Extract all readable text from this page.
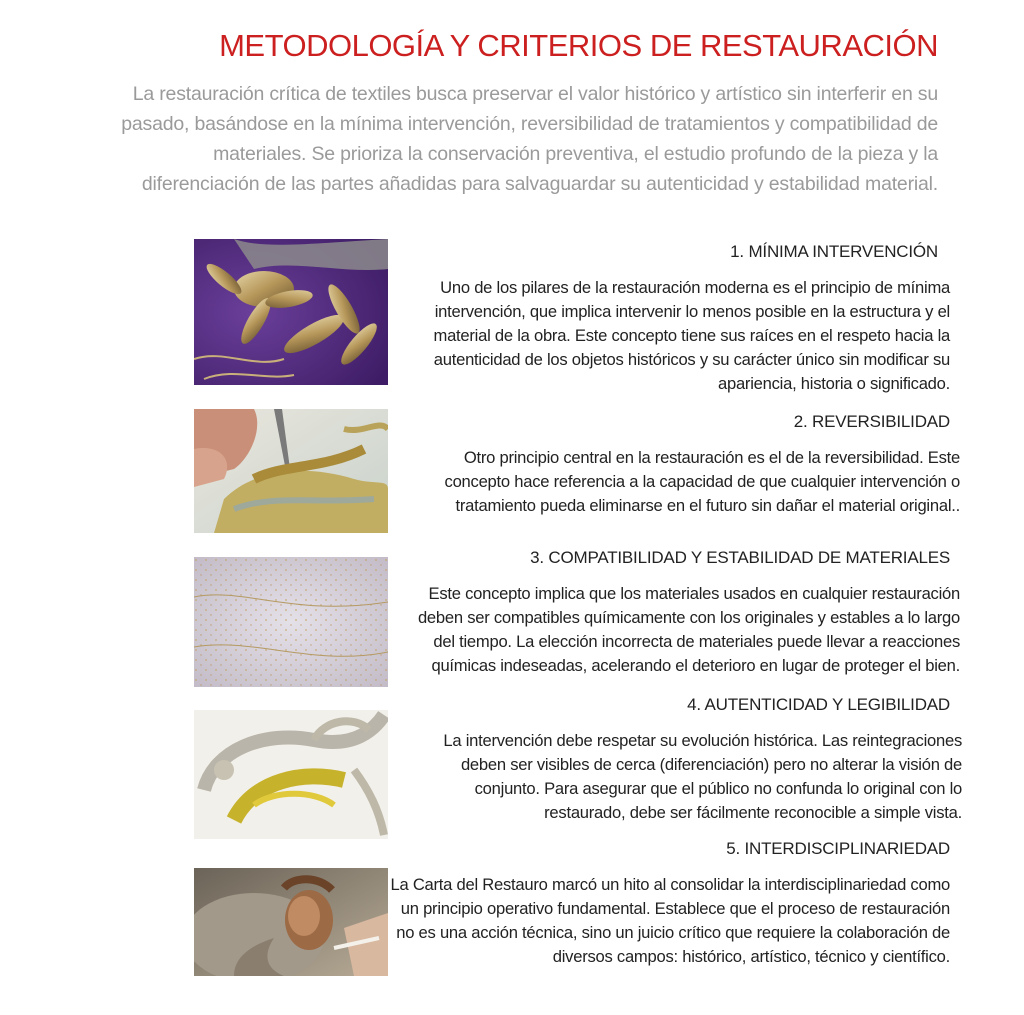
METODOLOGÍA Y CRITERIOS DE RESTAURACIÓN

La restauración crítica de textiles busca preservar el valor histórico y artístico sin interferir en su pasado, basándose en la mínima intervención, reversibilidad de tratamientos y compatibilidad de materiales. Se prioriza la conservación preventiva, el estudio profundo de la pieza y la diferenciación de las partes añadidas para salvaguardar su autenticidad y estabilidad material.

1. MÍNIMA INTERVENCIÓN

Uno de los pilares de la restauración moderna es el principio de mínima intervención, que implica intervenir lo menos posible en la estructura y el material de la obra. Este concepto tiene sus raíces en el respeto hacia la autenticidad de los objetos históricos y su carácter único sin modificar su apariencia, historia o significado.

2. REVERSIBILIDAD

Otro principio central en la restauración es el de la reversibilidad. Este concepto hace referencia a la capacidad de que cualquier intervención o tratamiento pueda eliminarse en el futuro sin dañar el material original..

3. COMPATIBILIDAD Y ESTABILIDAD DE MATERIALES

Este concepto implica que los materiales usados en cualquier restauración deben ser compatibles químicamente con los originales y estables a lo largo del tiempo. La elección incorrecta de materiales puede llevar a reacciones químicas indeseadas, acelerando el deterioro en lugar de proteger el bien.

4. AUTENTICIDAD Y LEGIBILIDAD

La intervención debe respetar su evolución histórica. Las reintegraciones deben ser visibles de cerca (diferenciación) pero no alterar la visión de conjunto. Para asegurar que el público no confunda lo original con lo restaurado, debe ser fácilmente reconocible a simple vista.

5. INTERDISCIPLINARIEDAD

La Carta del Restauro marcó un hito al consolidar la interdisciplinariedad como un principio operativo fundamental. Establece que el proceso de restauración no es una acción técnica, sino un juicio crítico que requiere la colaboración de diversos campos: histórico, artístico, técnico y científico.
